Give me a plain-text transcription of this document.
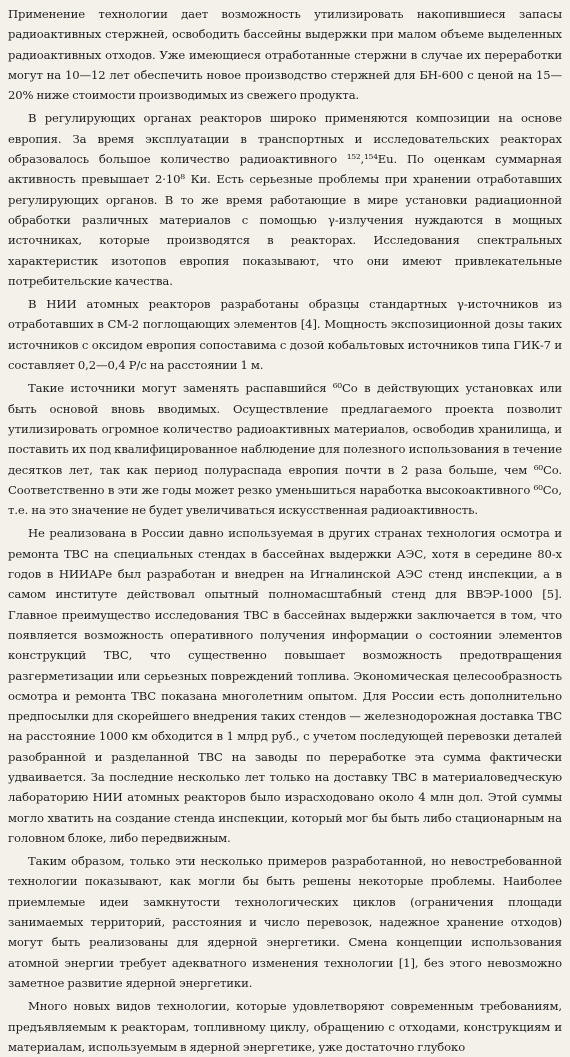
Применение технологии дает возможность утилизировать накопившиеся запасы радиоактивных стержней, освободить бассейны выдержки при малом объеме выделенных радиоактивных отходов. Уже имеющиеся отработанные стержни в случае их переработки могут на 10—12 лет обеспечить новое производство стержней для БН-600 с ценой на 15—20% ниже стоимости производимых из свежего продукта.

В регулирующих органах реакторов широко применяются композиции на основе европия. За время эксплуатации в транспортных и исследовательских реакторах образовалось большое количество радиоактивного ¹⁵²,¹⁵⁴Eu. По оценкам суммарная активность превышает 2·10⁸ Ки. Есть серьезные проблемы при хранении отработавших регулирующих органов. В то же время работающие в мире установки радиационной обработки различных материалов с помощью γ-излучения нуждаются в мощных источниках, которые производятся в реакторах. Исследования спектральных характеристик изотопов европия показывают, что они имеют привлекательные потребительские качества.

В НИИ атомных реакторов разработаны образцы стандартных γ-источников из отработавших в СМ-2 поглощающих элементов [4]. Мощность экспозиционной дозы таких источников с оксидом европия сопоставима с дозой кобальтовых источников типа ГИК-7 и составляет 0,2—0,4 Р/с на расстоянии 1 м.

Такие источники могут заменять распавшийся ⁶⁰Co в действующих установках или быть основой вновь вводимых. Осуществление предлагаемого проекта позволит утилизировать огромное количество радиоактивных материалов, освободив хранилища, и поставить их под квалифицированное наблюдение для полезного использования в течение десятков лет, так как период полураспада европия почти в 2 раза больше, чем ⁶⁰Co. Соответственно в эти же годы может резко уменьшиться наработка высокоактивного ⁶⁰Co, т.е. на это значение не будет увеличиваться искусственная радиоактивность.

Не реализована в России давно используемая в других странах технология осмотра и ремонта ТВС на специальных стендах в бассейнах выдержки АЭС, хотя в середине 80-х годов в НИИАРе был разработан и внедрен на Игналинской АЭС стенд инспекции, а в самом институте действовал опытный полномасштабный стенд для ВВЭР-1000 [5]. Главное преимущество исследования ТВС в бассейнах выдержки заключается в том, что появляется возможность оперативного получения информации о состоянии элементов конструкций ТВС, что существенно повышает возможность предотвращения разгерметизации или серьезных повреждений топлива. Экономическая целесообразность осмотра и ремонта ТВС показана многолетним опытом. Для России есть дополнительно предпосылки для скорейшего внедрения таких стендов — железнодорожная доставка ТВС на расстояние 1000 км обходится в 1 млрд руб., с учетом последующей перевозки деталей разобранной и разделанной ТВС на заводы по переработке эта сумма фактически удваивается. За последние несколько лет только на доставку ТВС в материаловедческую лабораторию НИИ атомных реакторов было израсходовано около 4 млн дол. Этой суммы могло хватить на создание стенда инспекции, который мог бы быть либо стационарным на головном блоке, либо передвижным.

Таким образом, только эти несколько примеров разработанной, но невостребованной технологии показывают, как могли бы быть решены некоторые проблемы. Наиболее приемлемые идеи замкнутости технологических циклов (ограничения площади занимаемых территорий, расстояния и число перевозок, надежное хранение отходов) могут быть реализованы для ядерной энергетики. Смена концепции использования атомной энергии требует адекватного изменения технологии [1], без этого невозможно заметное развитие ядерной энергетики.

Много новых видов технологии, которые удовлетворяют современным требованиям, предъявляемым к реакторам, топливному циклу, обращению с отходами, конструкциям и материалам, используемым в ядерной энергетике, уже достаточно глубоко
